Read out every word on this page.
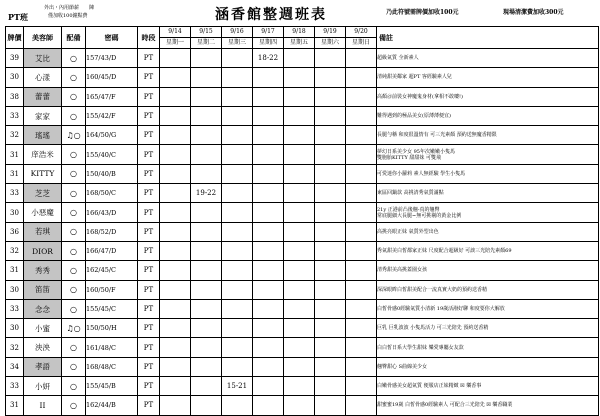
PT班
外出・內用節薪　　陳
僅加收100鐘點費	涵香館整週班表	乃此符號需牌價加收100元	現場清潔費加收300元
牌價	美容師	配備	密碼	時段	9/14	9/15	9/16	9/17	9/18	9/19	9/20	備註
					星期一	星期二	星期三	星期四	星期五	星期六	星期日	
39	艾比	○	157/43/D	PT				18-22				超級氣質 全新素人
30	心漾	○	160/45/D	PT								清純甜美鄰家 超PT 客經驗素人兒
38	蕾蕾	○	165/47/F	PT								高顏＠前裝女神魔鬼身材(拿相不敢嘍!)
33	家家	○	155/42/F	PT								難得遇到的極品美女(原薄薄便宜)
32	瑤瑤	♫○	164/50/G	PT								長腿勻稱 和度很溫情有 可三光素顏 預約送無魔香精限
31	庠浩米	○	155/40/C	PT								夢幻日系美少女 95年次嫩嫩小隻馬
雙胞胎KITTY 甜甜妹 可雙飛
31	KITTY	○	150/40/B	PT								可愛迷你小蘿莉 素人無經驗 學生小隻馬
33	芝芝	○	168/50/C	PT		19-22						東區回鍋款 高挑清秀氣質滿點
30	小惡魔	○	166/43/D	PT								21y 正港前凸後翹-真的翹臀
常底腿細大長腿~無可挑剔的黃金比例
36	若琪	○	168/52/D	PT								高挑亮眼正妹 氣質外型出色
32	DIOR	○	166/47/D	PT								秀氣甜美白皙都家正妹 尺度配合超級好 可談三光陪先素顏69
31	秀秀	○	162/45/C	PT								清秀甜美高挑蓋園女孩
30	笛笛	○	160/50/F	PT								深深眼眸白皙甜美配合一流真實大奶的預約送香精
33	念念	○	155/45/C	PT								白皙骨感0經驗氣質小清新 19歲活潑好聊 和度要你大解放
30	小蜜	♫○	150/50/H	PT								巨乳 巨乳波波 小隻馬活力 可三光陪先 預約送香精
32	泱泱	○	161/48/C	PT								白白皙日系大學生甜妹 樂愛專屬女友款
34	孝語	○	168/48/C	PT								翹臀甜心 S曲線美少女
33	小妍	○	155/45/B	PT			15-21					白嫩骨感美女超氣質 便服店正妹精緻 ☒ 樂香事
31	II	○	162/44/B	PT								甜蜜蜜19歲 白皙骨感0經驗素人 可配合三光陪先 ☒ 樂香職業
